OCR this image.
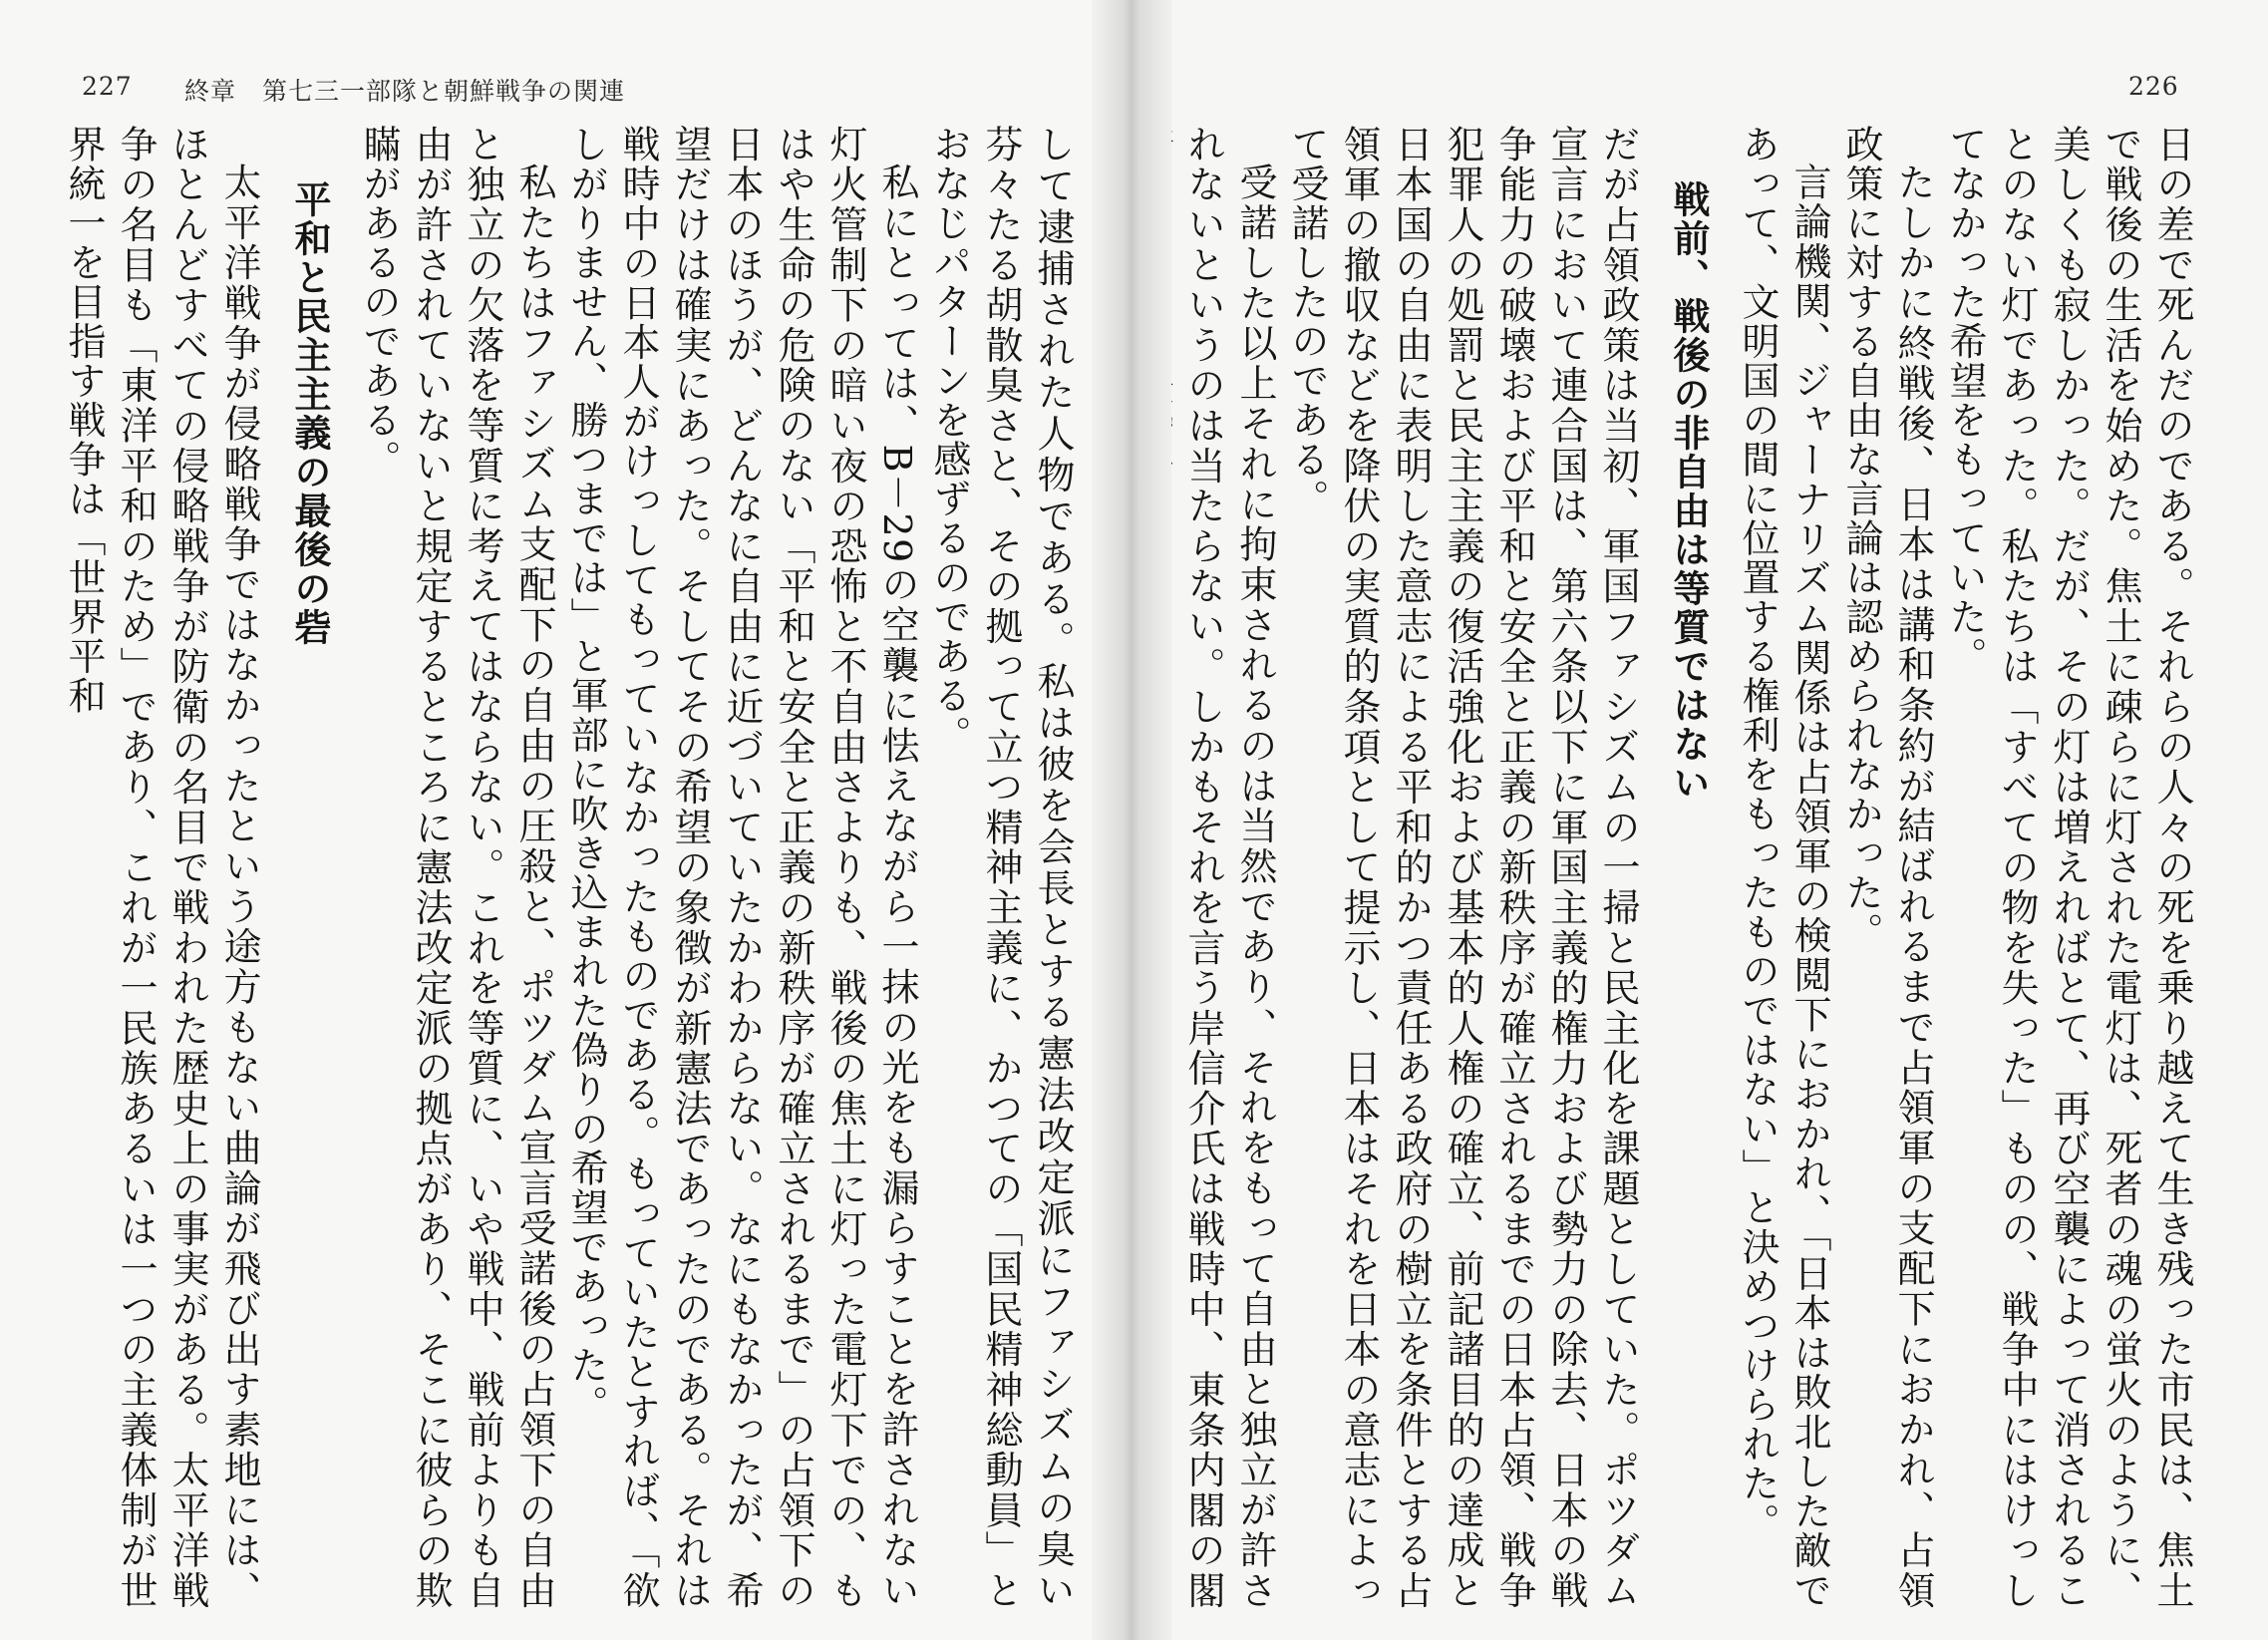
227 終章　第七三一部隊と朝鮮戦争の関連

して逮捕された人物である。私は彼を会長とする憲法改定派にファシズムの臭い芬々たる胡散臭さと、その拠って立つ精神主義に、かつての「国民精神総動員」とおなじパターンを感ずるのである。

私にとっては、B－29の空襲に怯えながら一抹の光をも漏らすことを許されない灯火管制下の暗い夜の恐怖と不自由さよりも、戦後の焦土に灯った電灯下での、もはや生命の危険のない「平和と安全と正義の新秩序が確立されるまで」の占領下の日本のほうが、どんなに自由に近づいていたかわからない。なにもなかったが、希望だけは確実にあった。そしてその希望の象徴が新憲法であったのである。それは戦時中の日本人がけっしてもっていなかったものである。もっていたとすれば、「欲しがりません、勝つまでは」と軍部に吹き込まれた偽りの希望であった。

私たちはファシズム支配下の自由の圧殺と、ポツダム宣言受諾後の占領下の自由と独立の欠落を等質に考えてはならない。これを等質に、いや戦中、戦前よりも自由が許されていないと規定するところに憲法改定派の拠点があり、そこに彼らの欺瞞があるのである。

平和と民主主義の最後の砦

太平洋戦争が侵略戦争ではなかったという途方もない曲論が飛び出す素地には、ほとんどすべての侵略戦争が防衛の名目で戦われた歴史上の事実がある。太平洋戦争の名目も「東洋平和のため」であり、これが一民族あるいは一つの主義体制が世界統一を目指す戦争は「世界平和

226

日の差で死んだのである。それらの人々の死を乗り越えて生き残った市民は、焦土で戦後の生活を始めた。焦土に疎らに灯された電灯は、死者の魂の蛍火のように、美しくも寂しかった。だが、その灯は増えればとて、再び空襲によって消されることのない灯であった。私たちは「すべての物を失った」ものの、戦争中にはけっしてなかった希望をもっていた。

たしかに終戦後、日本は講和条約が結ばれるまで占領軍の支配下におかれ、占領政策に対する自由な言論は認められなかった。

言論機関、ジャーナリズム関係は占領軍の検閲下におかれ、「日本は敗北した敵であって、文明国の間に位置する権利をもったものではない」と決めつけられた。

戦前、戦後の非自由は等質ではない

だが占領政策は当初、軍国ファシズムの一掃と民主化を課題としていた。ポツダム宣言において連合国は、第六条以下に軍国主義的権力および勢力の除去、日本の戦争能力の破壊および平和と安全と正義の新秩序が確立されるまでの日本占領、戦争犯罪人の処罰と民主主義の復活強化および基本的人権の確立、前記諸目的の達成と日本国の自由に表明した意志による平和的かつ責任ある政府の樹立を条件とする占領軍の撤収などを降伏の実質的条項として提示し、日本はそれを日本の意志によって受諾したのである。

受諾した以上それに拘束されるのは当然であり、それをもって自由と独立が許されないというのは当たらない。しかもそれを言う岸信介氏は戦時中、東条内閣の閣
